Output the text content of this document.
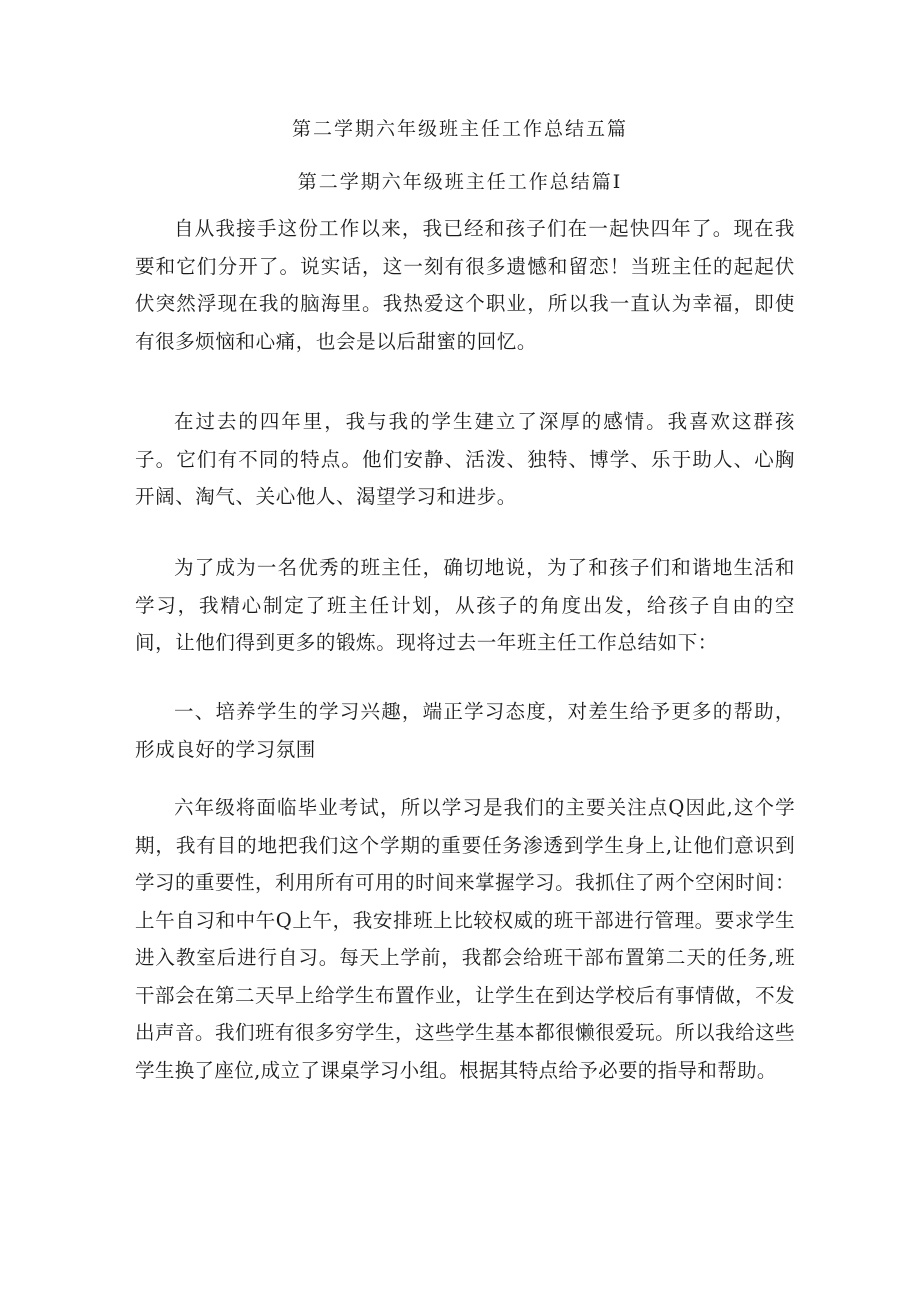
第二学期六年级班主任工作总结五篇
第二学期六年级班主任工作总结篇I

自从我接手这份工作以来，我已经和孩子们在一起快四年了。现在我要和它们分开了。说实话，这一刻有很多遗憾和留恋！当班主任的起起伏伏突然浮现在我的脑海里。我热爱这个职业，所以我一直认为幸福，即使有很多烦恼和心痛，也会是以后甜蜜的回忆。

在过去的四年里，我与我的学生建立了深厚的感情。我喜欢这群孩子。它们有不同的特点。他们安静、活泼、独特、博学、乐于助人、心胸开阔、淘气、关心他人、渴望学习和进步。

为了成为一名优秀的班主任，确切地说，为了和孩子们和谐地生活和学习，我精心制定了班主任计划，从孩子的角度出发，给孩子自由的空间，让他们得到更多的锻炼。现将过去一年班主任工作总结如下：

一、培养学生的学习兴趣，端正学习态度，对差生给予更多的帮助，形成良好的学习氛围

六年级将面临毕业考试，所以学习是我们的主要关注点Q因此,这个学期，我有目的地把我们这个学期的重要任务渗透到学生身上,让他们意识到学习的重要性，利用所有可用的时间来掌握学习。我抓住了两个空闲时间：上午自习和中午Q上午，我安排班上比较权威的班干部进行管理。要求学生进入教室后进行自习。每天上学前，我都会给班干部布置第二天的任务,班干部会在第二天早上给学生布置作业，让学生在到达学校后有事情做，不发出声音。我们班有很多穷学生，这些学生基本都很懒很爱玩。所以我给这些学生换了座位,成立了课桌学习小组。根据其特点给予必要的指导和帮助。
